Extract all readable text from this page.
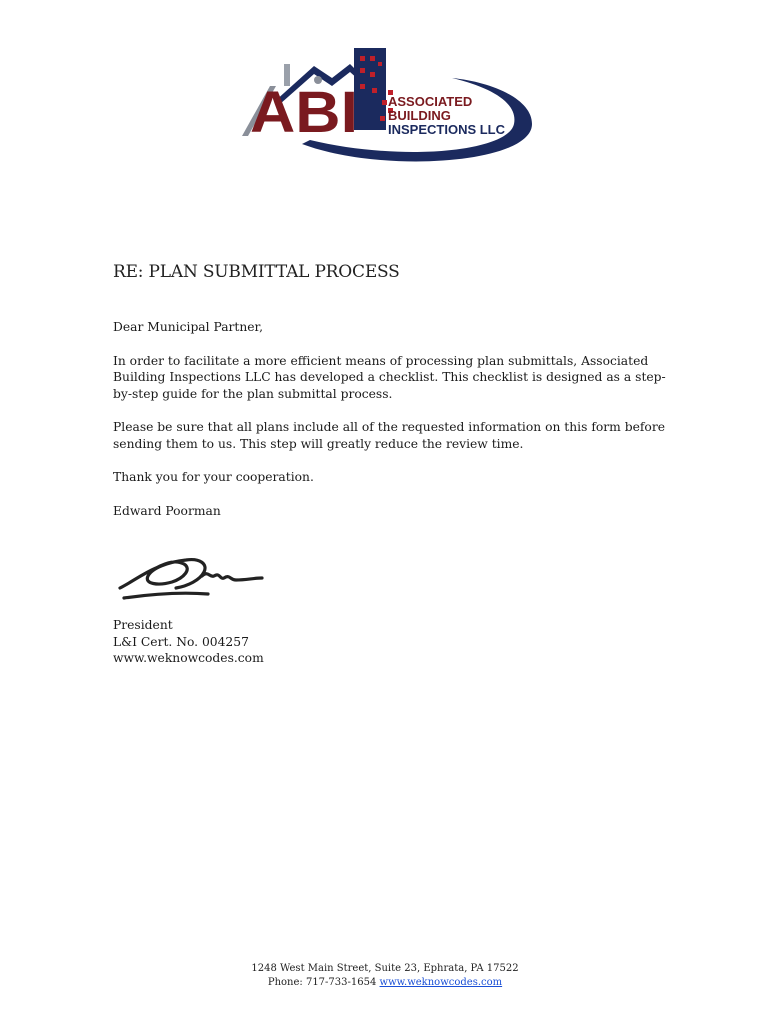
ABI ASSOCIATED
BUILDING
INSPECTIONS LLC
RE: PLAN SUBMITTAL PROCESS

Dear Municipal Partner,

In order to facilitate a more efficient means of processing plan submittals, Associated Building Inspections LLC has developed a checklist. This checklist is designed as a step-by-step guide for the plan submittal process.

Please be sure that all plans include all of the requested information on this form before sending them to us. This step will greatly reduce the review time.

Thank you for your cooperation.

Edward Poorman

President
L&I Cert. No. 004257
www.weknowcodes.com
1248 West Main Street, Suite 23, Ephrata, PA 17522
Phone: 717-733-1654 www.weknowcodes.com
